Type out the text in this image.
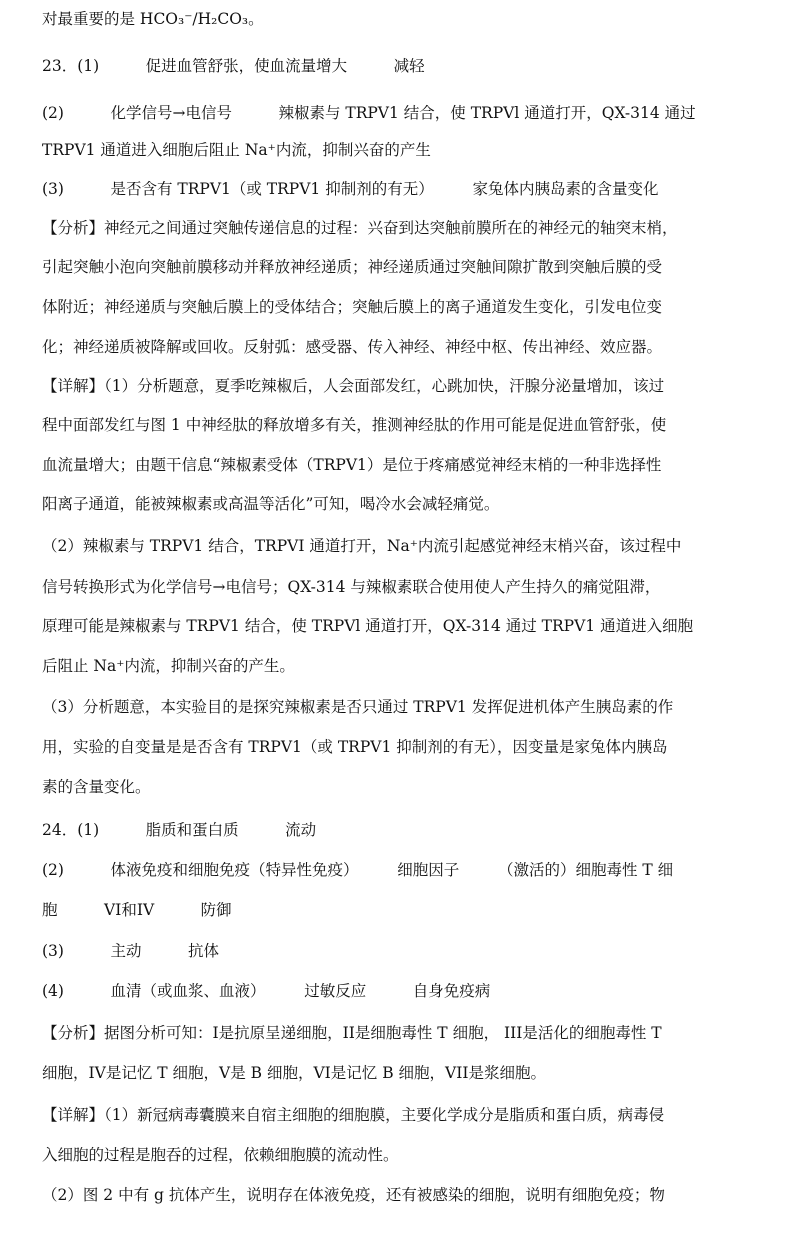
对最重要的是 HCO₃⁻/H₂CO₃。
23．(1)　　　促进血管舒张，使血流量增大　　　减轻
(2)　　　化学信号→电信号　　　辣椒素与 TRPV1 结合，使 TRPVl 通道打开，QX-314 通过
TRPV1 通道进入细胞后阻止 Na⁺内流，抑制兴奋的产生
(3)　　　是否含有 TRPV1（或 TRPV1 抑制剂的有无）　　　家兔体内胰岛素的含量变化
【分析】神经元之间通过突触传递信息的过程：兴奋到达突触前膜所在的神经元的轴突末梢，
引起突触小泡向突触前膜移动并释放神经递质；神经递质通过突触间隙扩散到突触后膜的受
体附近；神经递质与突触后膜上的受体结合；突触后膜上的离子通道发生变化，引发电位变
化；神经递质被降解或回收。反射弧：感受器、传入神经、神经中枢、传出神经、效应器。
【详解】（1）分析题意，夏季吃辣椒后，人会面部发红，心跳加快，汗腺分泌量增加，该过
程中面部发红与图 1 中神经肽的释放增多有关，推测神经肽的作用可能是促进血管舒张，使
血流量增大；由题干信息“辣椒素受体（TRPV1）是位于疼痛感觉神经末梢的一种非选择性
阳离子通道，能被辣椒素或高温等活化”可知，喝冷水会减轻痛觉。
（2）辣椒素与 TRPV1 结合，TRPVI 通道打开，Na⁺内流引起感觉神经末梢兴奋，该过程中
信号转换形式为化学信号→电信号；QX-314 与辣椒素联合使用使人产生持久的痛觉阻滞，
原理可能是辣椒素与 TRPV1 结合，使 TRPVl 通道打开，QX-314 通过 TRPV1 通道进入细胞
后阻止 Na⁺内流，抑制兴奋的产生。
（3）分析题意，本实验目的是探究辣椒素是否只通过 TRPV1 发挥促进机体产生胰岛素的作
用，实验的自变量是是否含有 TRPV1（或 TRPV1 抑制剂的有无），因变量是家兔体内胰岛
素的含量变化。
24．(1)　　　脂质和蛋白质　　　流动
(2)　　　体液免疫和细胞免疫（特异性免疫）　　　细胞因子　　　（激活的）细胞毒性 T 细
胞　　　VI和IV　　　防御
(3)　　　主动　　　抗体
(4)　　　血清（或血浆、血液）　　　过敏反应　　　自身免疫病
【分析】据图分析可知：I是抗原呈递细胞，II是细胞毒性 T 细胞， III是活化的细胞毒性 T
细胞，IV是记忆 T 细胞，V是 B 细胞，VI是记忆 B 细胞，VII是浆细胞。
【详解】（1）新冠病毒囊膜来自宿主细胞的细胞膜，主要化学成分是脂质和蛋白质，病毒侵
入细胞的过程是胞吞的过程，依赖细胞膜的流动性。
（2）图 2 中有 g 抗体产生，说明存在体液免疫，还有被感染的细胞，说明有细胞免疫；物
